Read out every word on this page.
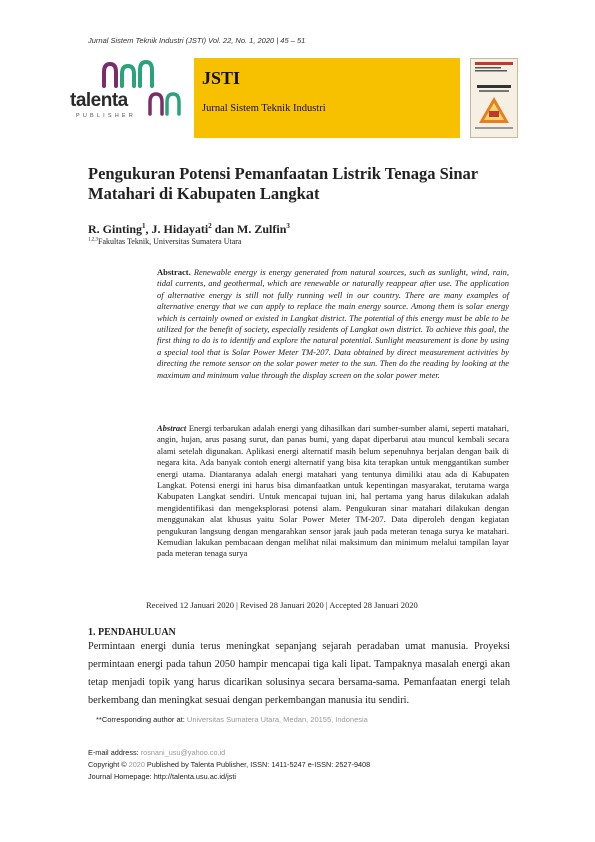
Jurnal Sistem Teknik Industri (JSTI) Vol. 22, No. 1, 2020 | 45 – 51
talenta
PUBLISHER
JSTI
Jurnal Sistem Teknik Industri
Pengukuran Potensi Pemanfaatan Listrik Tenaga Sinar Matahari di Kabupaten Langkat
R. Ginting$^1$, J. Hidayati$^2$ dan M. Zulfin$^3$
$^{1,2,3}$Fakultas Teknik, Universitas Sumatera Utara
Abstract. Renewable energy is energy generated from natural sources, such as sunlight, wind, rain, tidal currents, and geothermal, which are renewable or naturally reappear after use. The application of alternative energy is still not fully running well in our country. There are many examples of alternative energy that we can apply to replace the main energy source. Among them is solar energy which is certainly owned or existed in Langkat district. The potential of this energy must be able to be utilized for the benefit of society, especially residents of Langkat own district. To achieve this goal, the first thing to do is to identify and explore the natural potential. Sunlight measurement is done by using a special tool that is Solar Power Meter TM-207. Data obtained by direct measurement activities by directing the remote sensor on the solar power meter to the sun. Then do the reading by looking at the maximum and minimum value through the display screen on the solar power meter.
Abstract Energi terbarukan adalah energi yang dihasilkan dari sumber-sumber alami, seperti matahari, angin, hujan, arus pasang surut, dan panas bumi, yang dapat diperbarui atau muncul kembali secara alami setelah digunakan. Aplikasi energi alternatif masih belum sepenuhnya berjalan dengan baik di negara kita. Ada banyak contoh energi alternatif yang bisa kita terapkan untuk menggantikan sumber energi utama. Diantaranya adalah energi matahari yang tentunya dimiliki atau ada di Kabupaten Langkat. Potensi energi ini harus bisa dimanfaatkan untuk kepentingan masyarakat, terutama warga Kabupaten Langkat sendiri. Untuk mencapai tujuan ini, hal pertama yang harus dilakukan adalah mengidentifikasi dan mengeksplorasi potensi alam. Pengukuran sinar matahari dilakukan dengan menggunakan alat khusus yaitu Solar Power Meter TM-207. Data diperoleh dengan kegiatan pengukuran langsung dengan mengarahkan sensor jarak jauh pada meteran tenaga surya ke matahari. Kemudian lakukan pembacaan dengan melihat nilai maksimum dan minimum melalui tampilan layar pada meteran tenaga surya
Received 12 Januari 2020 | Revised 28 Januari 2020 | Accepted 28 Januari 2020
1. PENDAHULUAN
Permintaan energi dunia terus meningkat sepanjang sejarah peradaban umat manusia. Proyeksi permintaan energi pada tahun 2050 hampir mencapai tiga kali lipat. Tampaknya masalah energi akan tetap menjadi topik yang harus dicarikan solusinya secara bersama-sama. Pemanfaatan energi telah berkembang dan meningkat sesuai dengan perkembangan manusia itu sendiri.
**Corresponding author at: Universitas Sumatera Utara, Medan, 20155, Indonesia
E-mail address: rosnani_usu@yahoo.co.id
Copyright © 2020 Published by Talenta Publisher, ISSN: 1411-5247 e-ISSN: 2527-9408
Journal Homepage: http://talenta.usu.ac.id/jsti
